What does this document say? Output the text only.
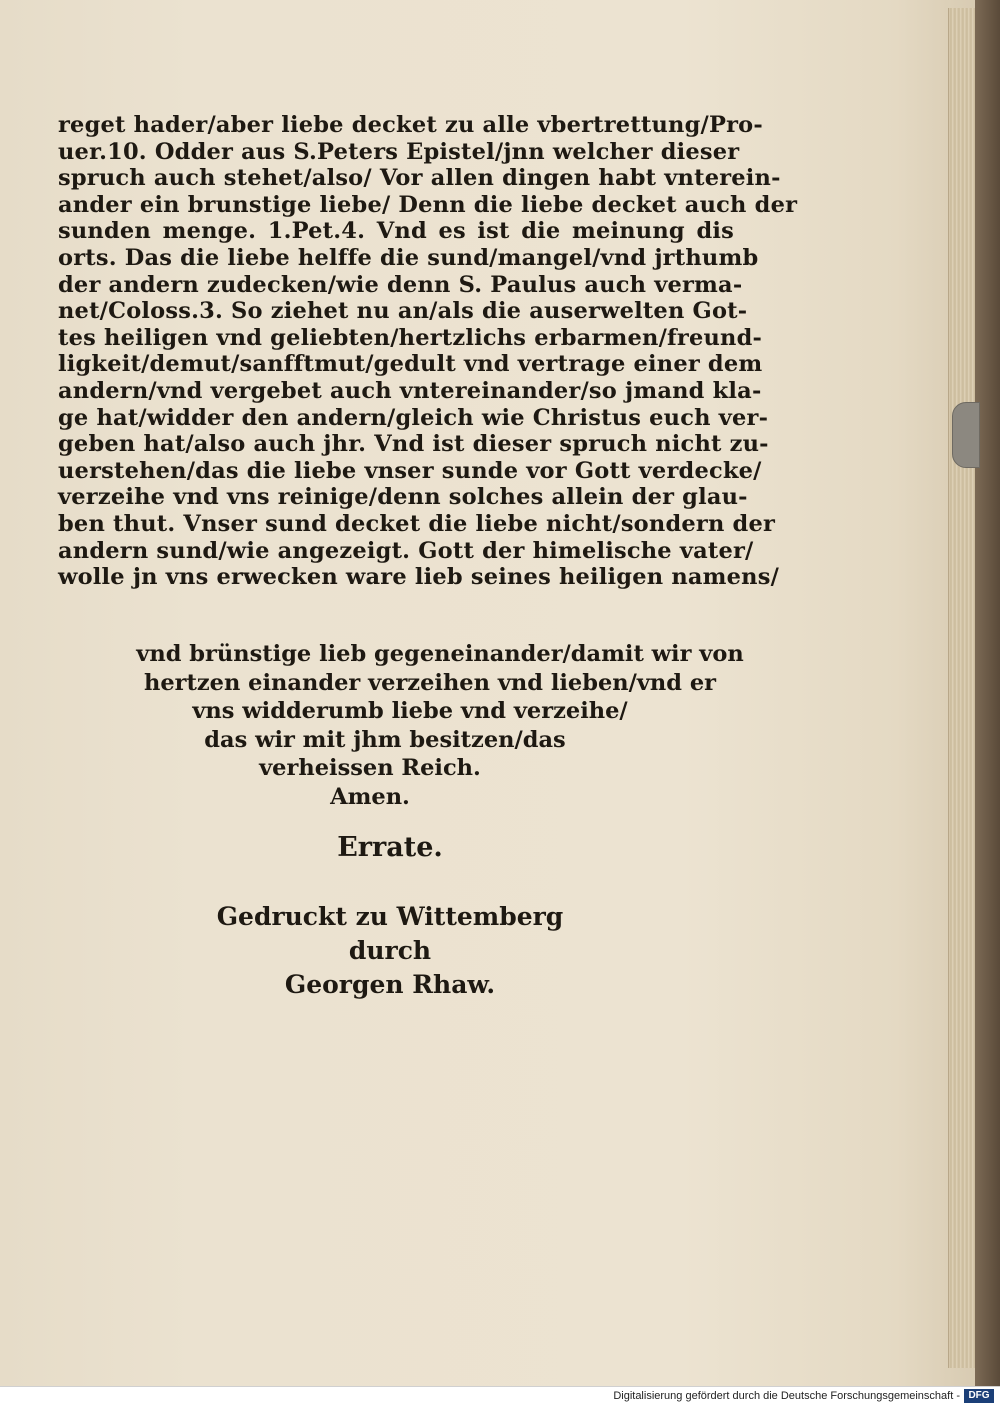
reget hader/aber liebe decket zu alle vbertrettung/Pro-
uer.10. Odder aus S.Peters Epistel/jnn welcher dieser
spruch auch stehet/also/ Vor allen dingen habt vnterein-
ander ein brunstige liebe/ Denn die liebe decket auch der
sunden menge. 1.Pet.4. Vnd es ist die meinung dis
orts. Das die liebe helffe die sund/mangel/vnd jrthumb
der andern zudecken/wie denn S. Paulus auch verma-
net/Coloss.3. So ziehet nu an/als die auserwelten Got-
tes heiligen vnd geliebten/hertzlichs erbarmen/freund-
ligkeit/demut/sanfftmut/gedult vnd vertrage einer dem
andern/vnd vergebet auch vntereinander/so jmand kla-
ge hat/widder den andern/gleich wie Christus euch ver-
geben hat/also auch jhr. Vnd ist dieser spruch nicht zu-
uerstehen/das die liebe vnser sunde vor Gott verdecke/
verzeihe vnd vns reinige/denn solches allein der glau-
ben thut. Vnser sund decket die liebe nicht/sondern der
andern sund/wie angezeigt. Gott der himelische vater/
wolle jn vns erwecken ware lieb seines heiligen namens/
vnd brünstige lieb gegeneinander/damit wir von
hertzen einander verzeihen vnd lieben/vnd er
vns widderumb liebe vnd verzeihe/
das wir mit jhm besitzen/das
verheissen Reich.
Amen.
Errate.
Gedruckt zu Wittemberg durch
Georgen Rhaw.
Digitalisierung gefördert durch die Deutsche Forschungsgemeinschaft - DFG
